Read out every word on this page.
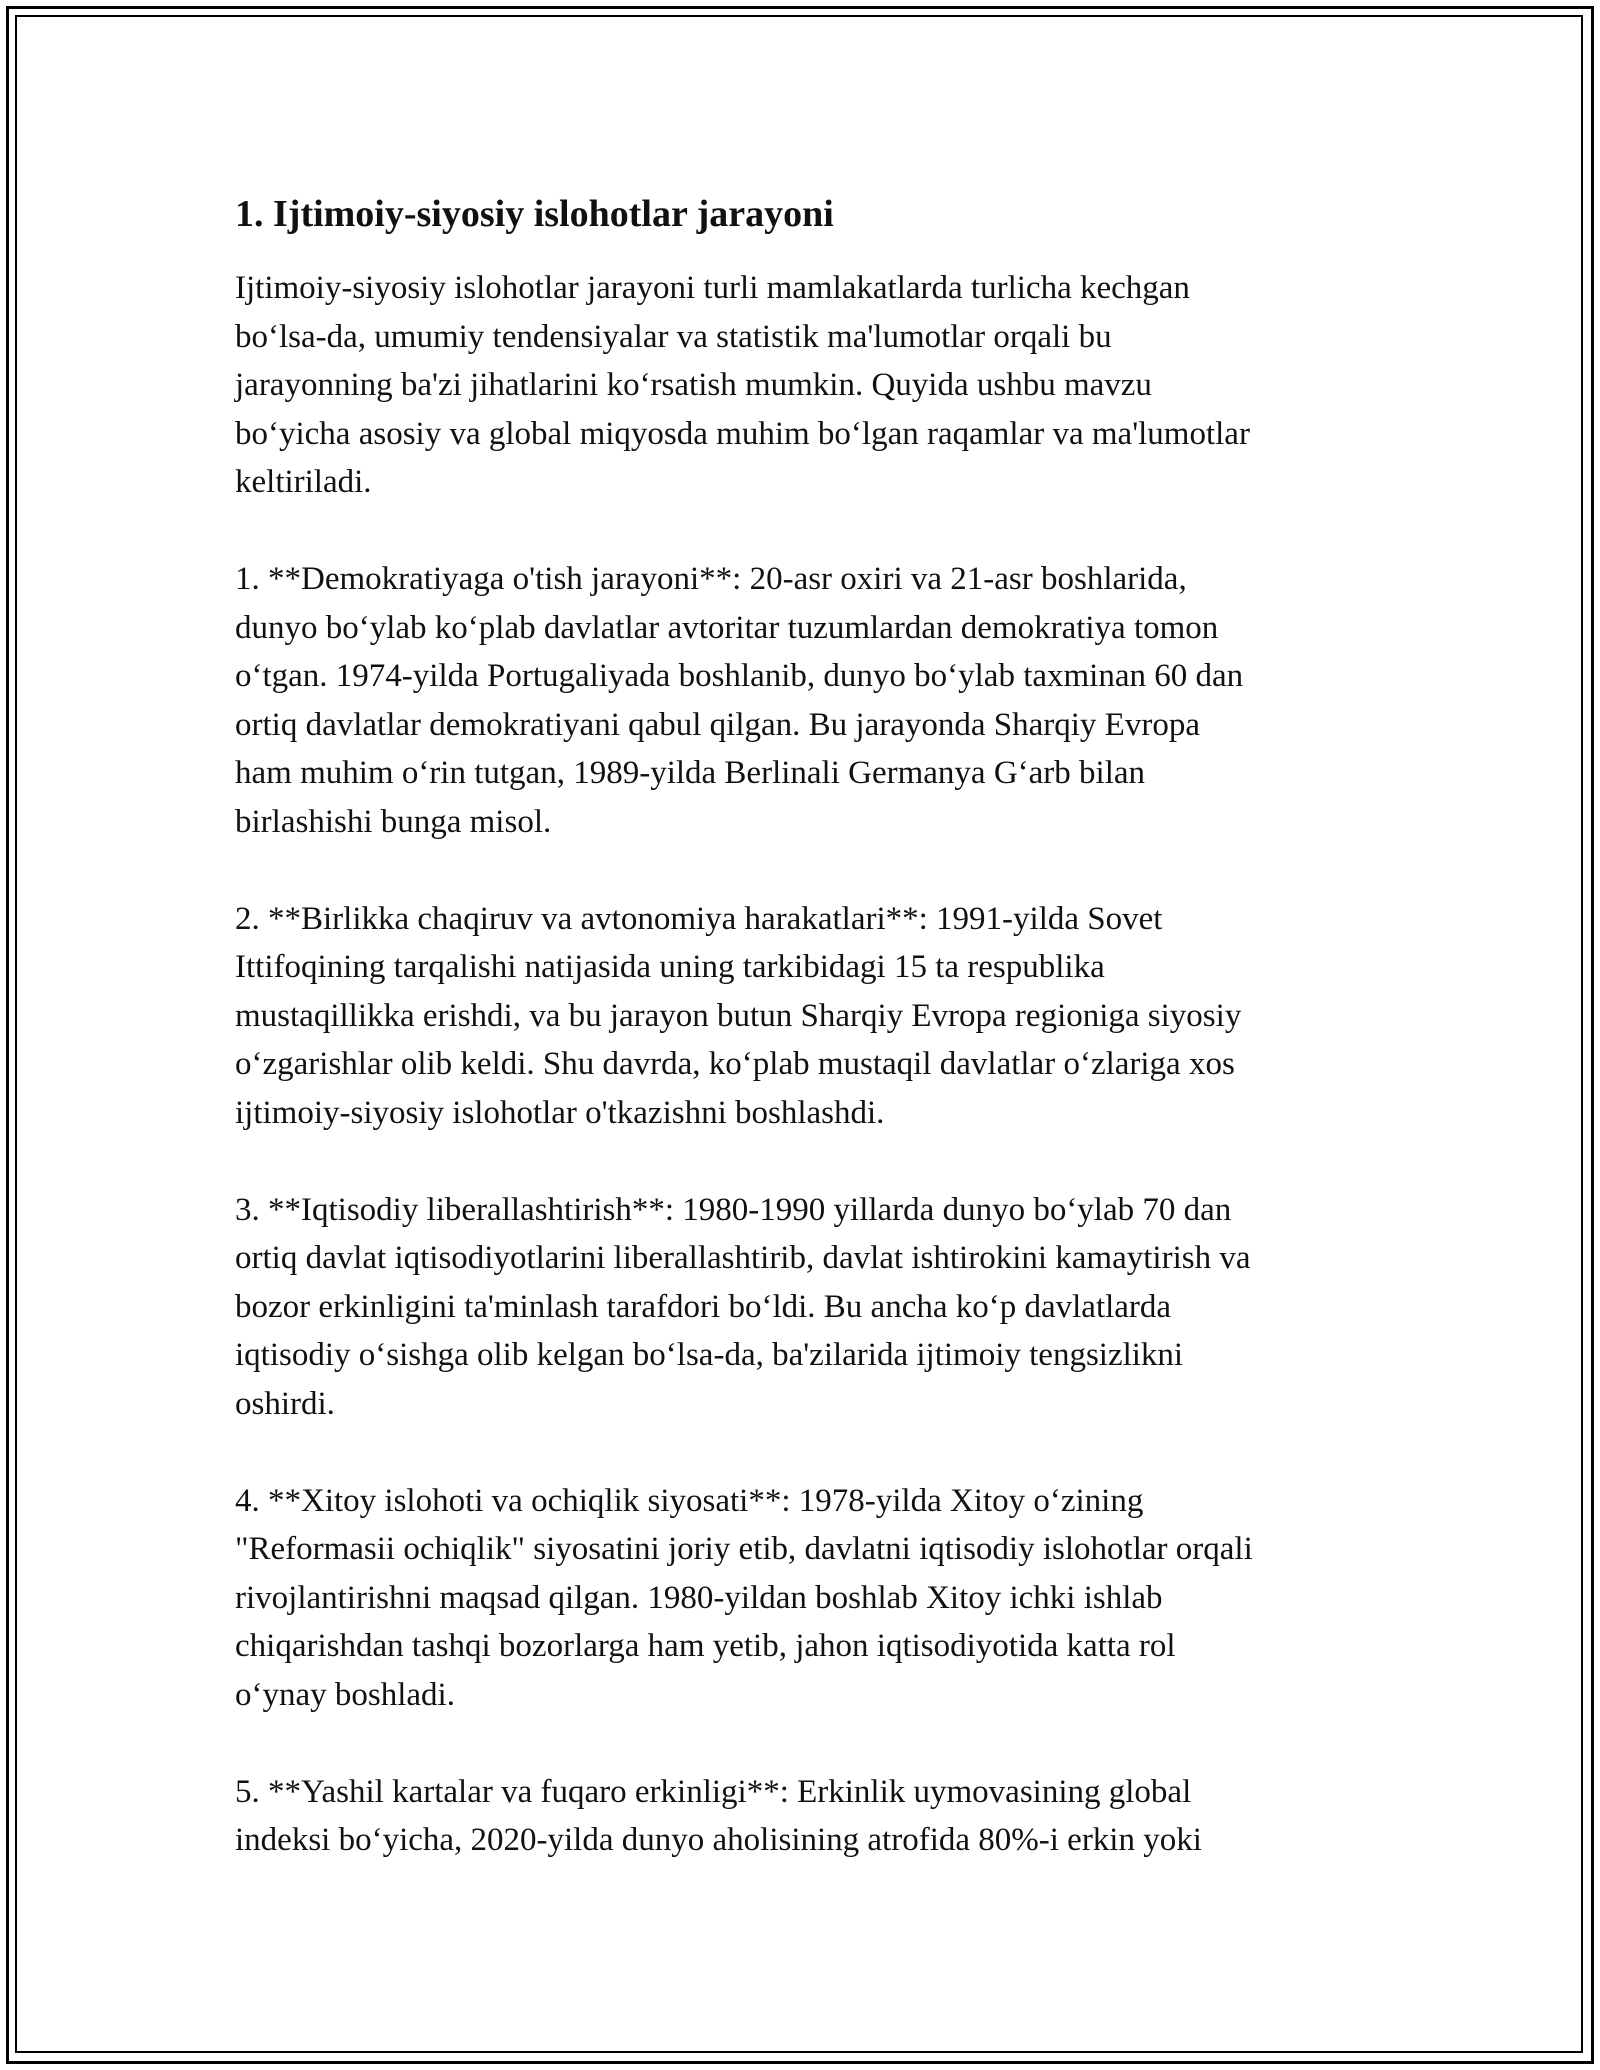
1. Ijtimoiy-siyosiy islohotlar jarayoni
Ijtimoiy-siyosiy islohotlar jarayoni turli mamlakatlarda turlicha kechgan
bo‘lsa-da, umumiy tendensiyalar va statistik ma'lumotlar orqali bu
jarayonning ba'zi jihatlarini ko‘rsatish mumkin. Quyida ushbu mavzu
bo‘yicha asosiy va global miqyosda muhim bo‘lgan raqamlar va ma'lumotlar
keltiriladi.
1. **Demokratiyaga o'tish jarayoni**: 20-asr oxiri va 21-asr boshlarida,
dunyo bo‘ylab ko‘plab davlatlar avtoritar tuzumlardan demokratiya tomon
o‘tgan. 1974-yilda Portugaliyada boshlanib, dunyo bo‘ylab taxminan 60 dan
ortiq davlatlar demokratiyani qabul qilgan. Bu jarayonda Sharqiy Evropa
ham muhim o‘rin tutgan, 1989-yilda Berlinali Germanya G‘arb bilan
birlashishi bunga misol.
2. **Birlikka chaqiruv va avtonomiya harakatlari**: 1991-yilda Sovet
Ittifoqining tarqalishi natijasida uning tarkibidagi 15 ta respublika
mustaqillikka erishdi, va bu jarayon butun Sharqiy Evropa regioniga siyosiy
o‘zgarishlar olib keldi. Shu davrda, ko‘plab mustaqil davlatlar o‘zlariga xos
ijtimoiy-siyosiy islohotlar o'tkazishni boshlashdi.
3. **Iqtisodiy liberallashtirish**: 1980-1990 yillarda dunyo bo‘ylab 70 dan
ortiq davlat iqtisodiyotlarini liberallashtirib, davlat ishtirokini kamaytirish va
bozor erkinligini ta'minlash tarafdori bo‘ldi. Bu ancha ko‘p davlatlarda
iqtisodiy o‘sishga olib kelgan bo‘lsa-da, ba'zilarida ijtimoiy tengsizlikni
oshirdi.
4. **Xitoy islohoti va ochiqlik siyosati**: 1978-yilda Xitoy o‘zining
"Reformasii ochiqlik" siyosatini joriy etib, davlatni iqtisodiy islohotlar orqali
rivojlantirishni maqsad qilgan. 1980-yildan boshlab Xitoy ichki ishlab
chiqarishdan tashqi bozorlarga ham yetib, jahon iqtisodiyotida katta rol
o‘ynay boshladi.
5. **Yashil kartalar va fuqaro erkinligi**: Erkinlik uymovasining global
indeksi bo‘yicha, 2020-yilda dunyo aholisining atrofida 80%-i erkin yoki
